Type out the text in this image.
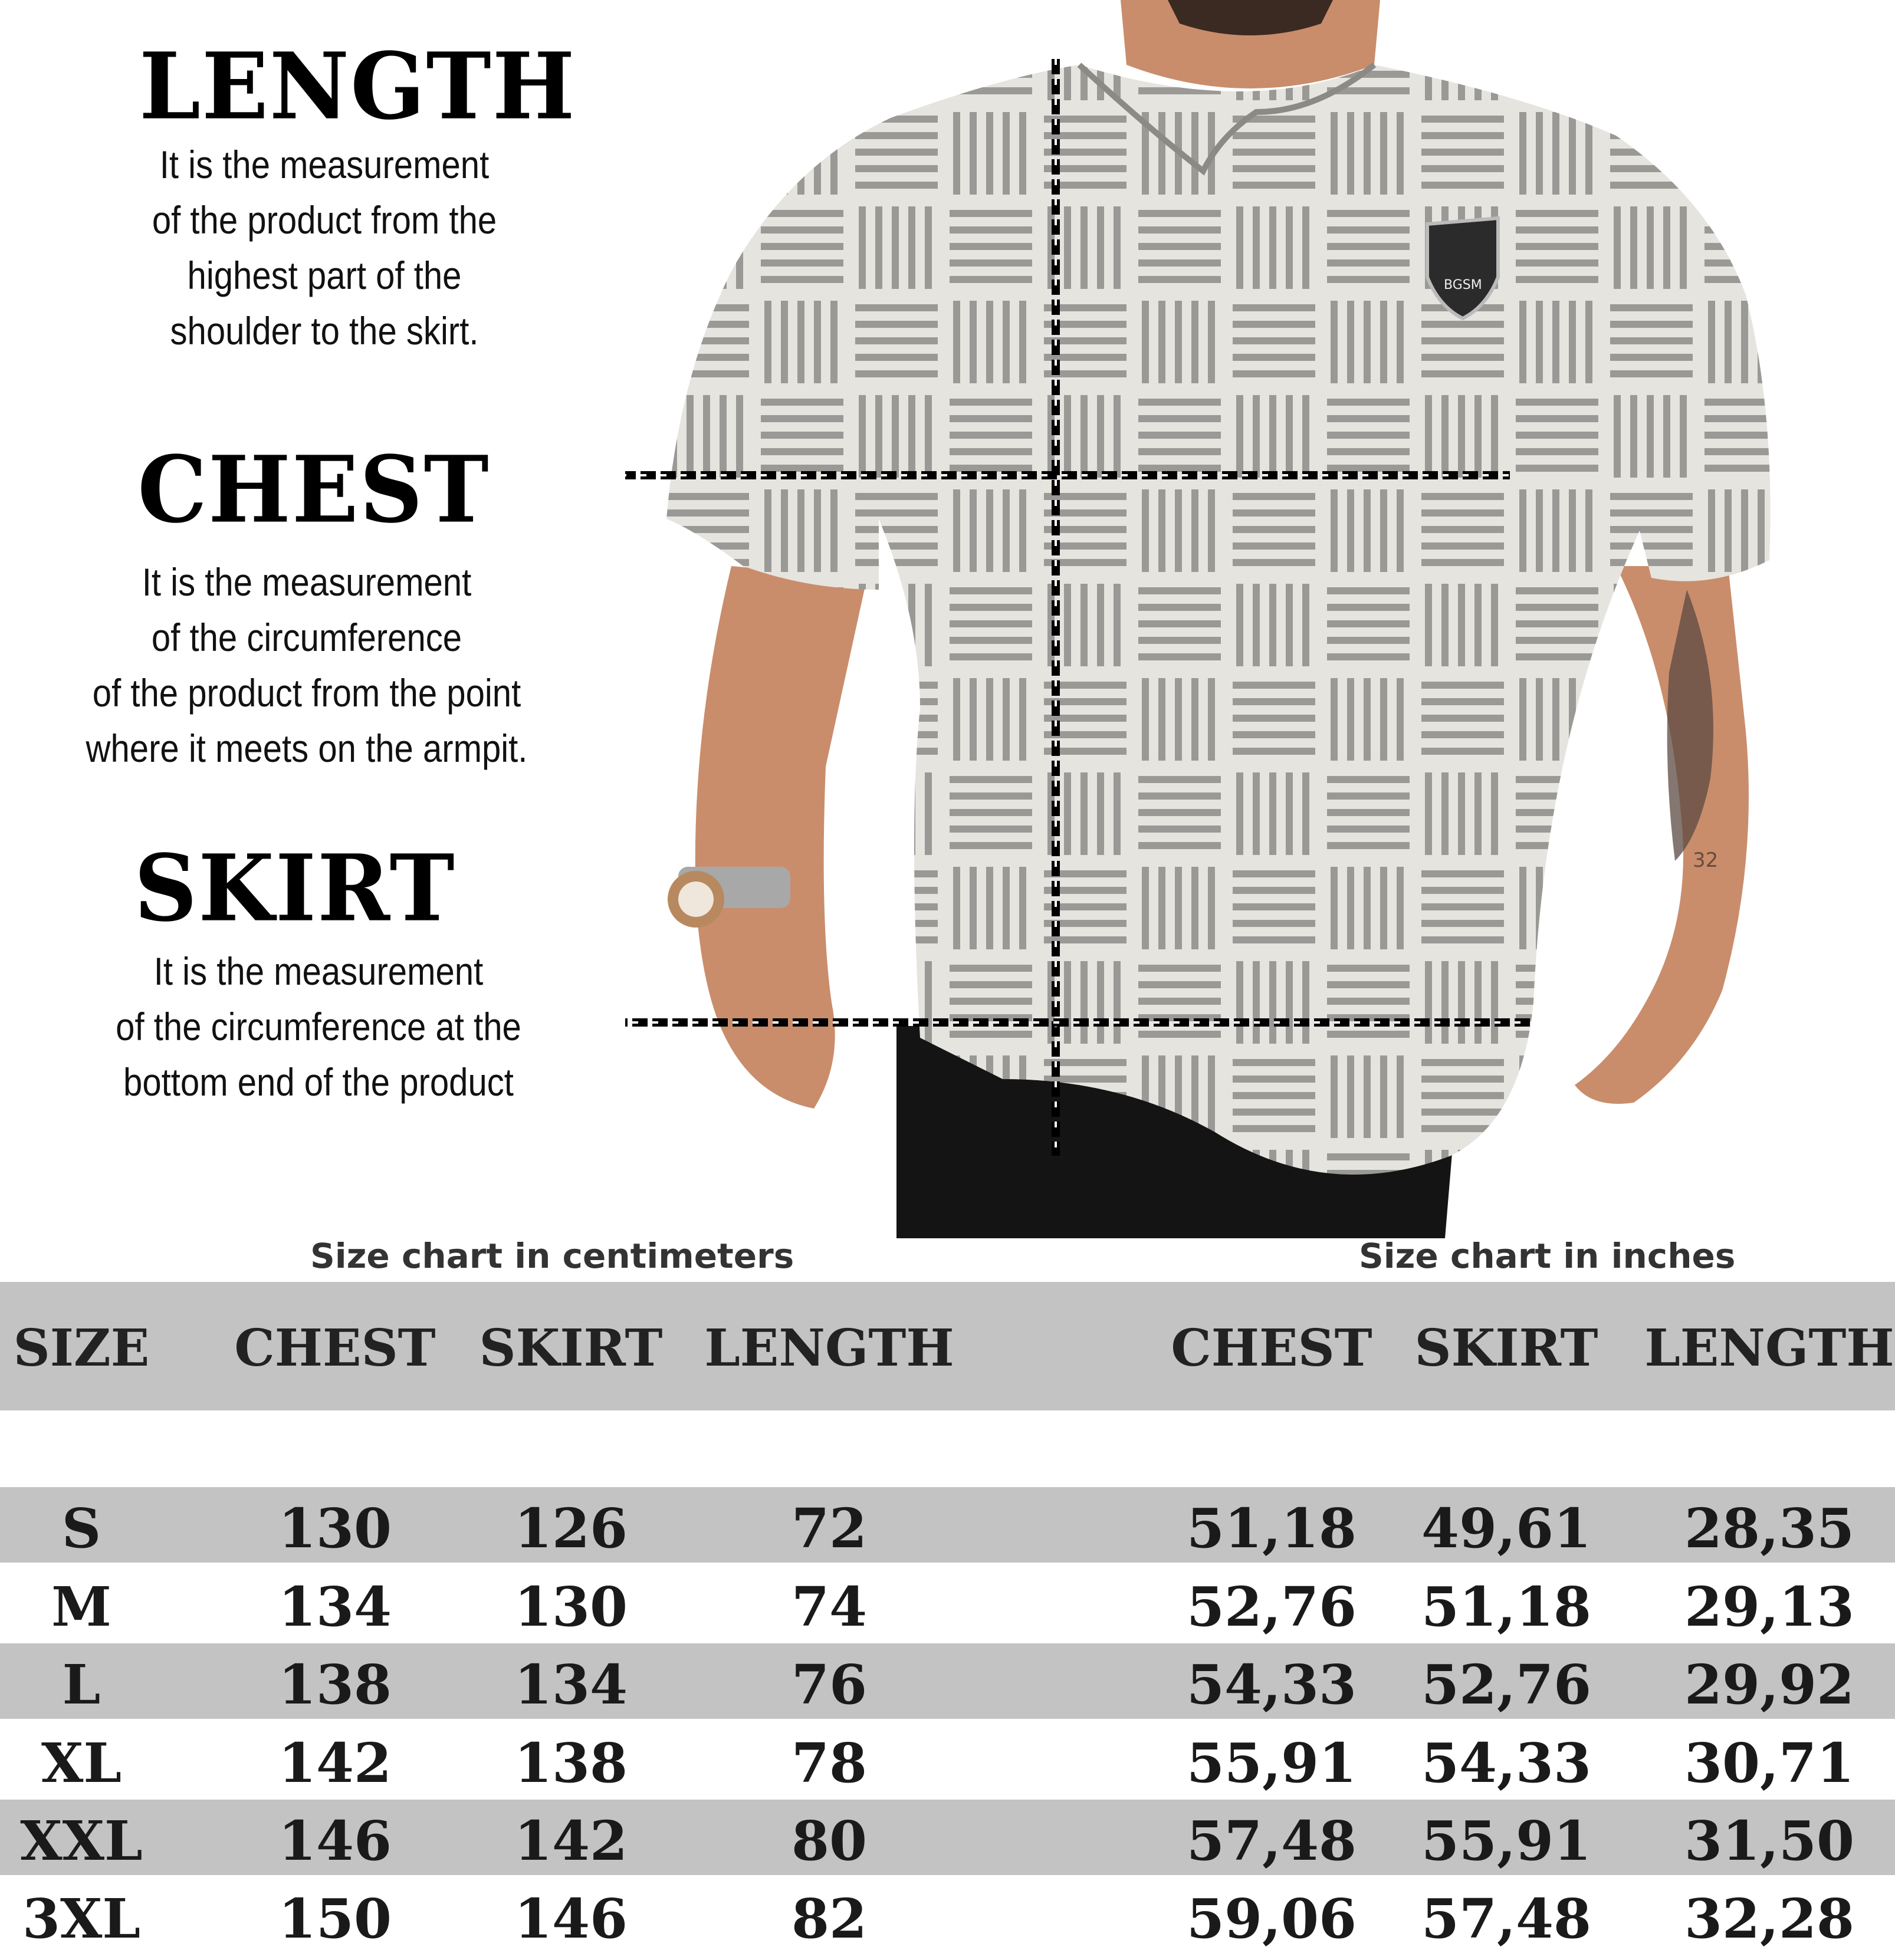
LENGTH
It is the measurement
of the product from the
highest part of the
shoulder to the skirt.
CHEST
It is the measurement
of the circumference
of the product from the point
where it meets on the armpit.
SKIRT
It is the measurement
of the circumference at the
bottom end of the product
32
BGSM
Size chart in centimeters	Size chart in inches
SIZE CHEST SKIRT LENGTH	CHEST SKIRT LENGTH
S	130 126	72	51,18 49,61 28,35
M	134 130	74	52,76 51,18 29,13
L	138 134	76	54,33 52,76 29,92
XL	142 138	78	55,91 54,33 30,71
XXL	146 142	80	57,48 55,91 31,50
3XL	150 146	82	59,06 57,48 32,28
